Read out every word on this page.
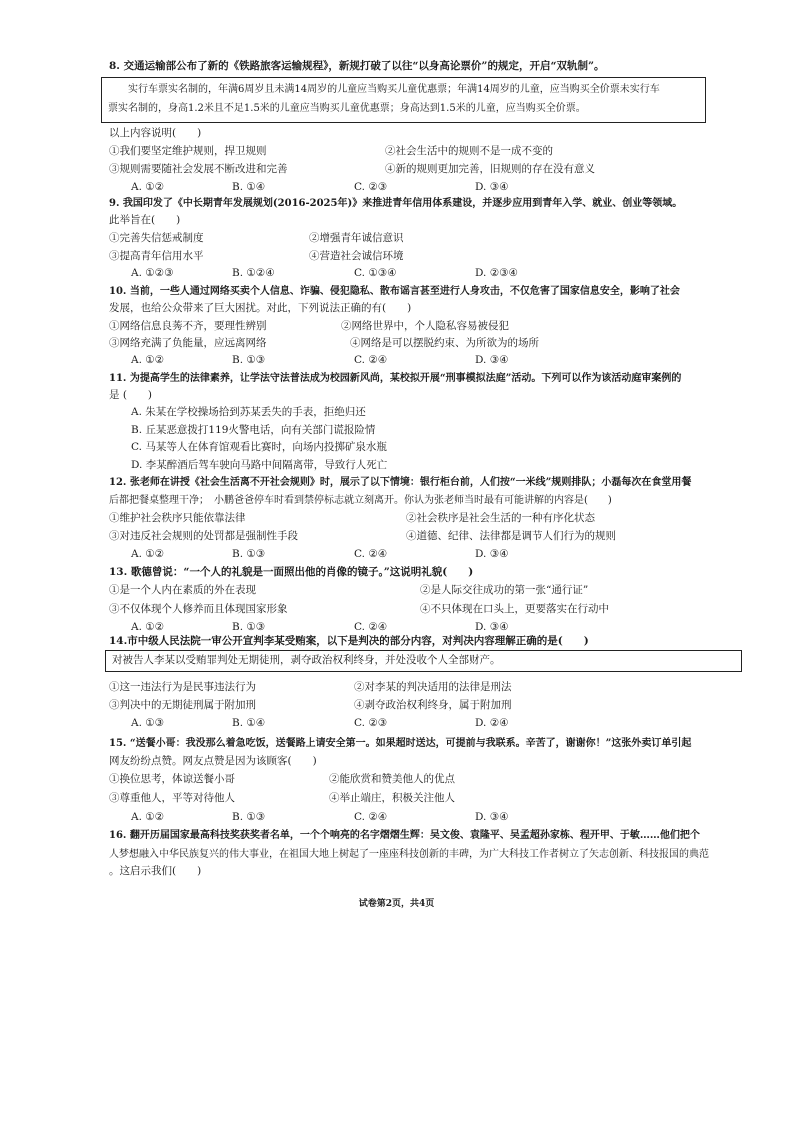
8. 交通运输部公布了新的《铁路旅客运输规程》，新规打破了以往“以身高论票价”的规定，开启“双轨制”。
实行车票实名制的，年满6周岁且未满14周岁的儿童应当购买儿童优惠票；年满14周岁的儿童，应当购买全价票未实行车
票实名制的，身高1.2米且不足1.5米的儿童应当购买儿童优惠票；身高达到1.5米的儿童，应当购买全价票。
以上内容说明(　　)
①我们要坚定维护规则，捍卫规则	②社会生活中的规则不是一成不变的
③规则需要随社会发展不断改进和完善	④新的规则更加完善，旧规则的存在没有意义
A. ①②	B. ①④	C. ②③	D. ③④
9. 我国印发了《中长期青年发展规划(2016-2025年)》来推进青年信用体系建设，并逐步应用到青年入学、就业、创业等领域。
此举旨在(　　)
①完善失信惩戒制度	②增强青年诚信意识
③提高青年信用水平	④营造社会诚信环境
A. ①②③	B. ①②④	C. ①③④	D. ②③④
10. 当前，一些人通过网络买卖个人信息、诈骗、侵犯隐私、散布谣言甚至进行人身攻击，不仅危害了国家信息安全，影响了社会
发展，也给公众带来了巨大困扰。对此，下列说法正确的有(　　)
①网络信息良莠不齐，要理性辨别	②网络世界中，个人隐私容易被侵犯
③网络充满了负能量，应远离网络	④网络是可以摆脱约束、为所欲为的场所
A. ①②	B. ①③	C. ②④	D. ③④
11. 为提高学生的法律素养，让学法守法普法成为校园新风尚，某校拟开展“刑事模拟法庭”活动。下列可以作为该活动庭审案例的
是 (　　)
A. 朱某在学校操场拾到苏某丢失的手表，拒绝归还
B. 丘某恶意拨打119火警电话，向有关部门谎报险情
C. 马某等人在体育馆观看比赛时，向场内投掷矿泉水瓶
D. 李某醉酒后驾车驶向马路中间隔离带，导致行人死亡
12. 张老师在讲授《社会生活离不开社会规则》时，展示了以下情境：银行柜台前，人们按“一米线”规则排队；小磊每次在食堂用餐
后都把餐桌整理干净；　小鹏爸爸停车时看到禁停标志就立刻离开。你认为张老师当时最有可能讲解的内容是(　　)
①维护社会秩序只能依靠法律	②社会秩序是社会生活的一种有序化状态
③对违反社会规则的处罚都是强制性手段	④道德、纪律、法律都是调节人们行为的规则
A. ①②	B. ①③	C. ②④	D. ③④
13. 歌德曾说：“一个人的礼貌是一面照出他的肖像的镜子。”这说明礼貌(　　)
①是一个人内在素质的外在表现	②是人际交往成功的第一张“通行证”
③不仅体现个人修养而且体现国家形象	④不只体现在口头上，更要落实在行动中
A. ①②	B. ①③	C. ②④	D. ③④
14.市中级人民法院一审公开宣判李某受贿案，以下是判决的部分内容，对判决内容理解正确的是(　　)
对被告人李某以受贿罪判处无期徒刑，剥夺政治权利终身，并处没收个人全部财产。
①这一违法行为是民事违法行为	②对李某的判决适用的法律是刑法
③判决中的无期徒刑属于附加刑	④剥夺政治权利终身，属于附加刑
A. ①③	B. ①④	C. ②③	D. ②④
15. “送餐小哥：我没那么着急吃饭，送餐路上请安全第一。如果超时送达，可提前与我联系。辛苦了，谢谢你！”这张外卖订单引起
网友纷纷点赞。网友点赞是因为该顾客(　　)
①换位思考，体谅送餐小哥	②能欣赏和赞美他人的优点
③尊重他人，平等对待他人	④举止端庄，积极关注他人
A. ①②	B. ①③	C. ②④	D. ③④
16. 翻开历届国家最高科技奖获奖者名单，一个个响亮的名字熠熠生辉：吴文俊、袁隆平、吴孟超孙家栋、程开甲、于敏……他们把个
人梦想融入中华民族复兴的伟大事业，在祖国大地上树起了一座座科技创新的丰碑，为广大科技工作者树立了矢志创新、科技报国的典范
。这启示我们(　　)
试卷第2页，共4页
